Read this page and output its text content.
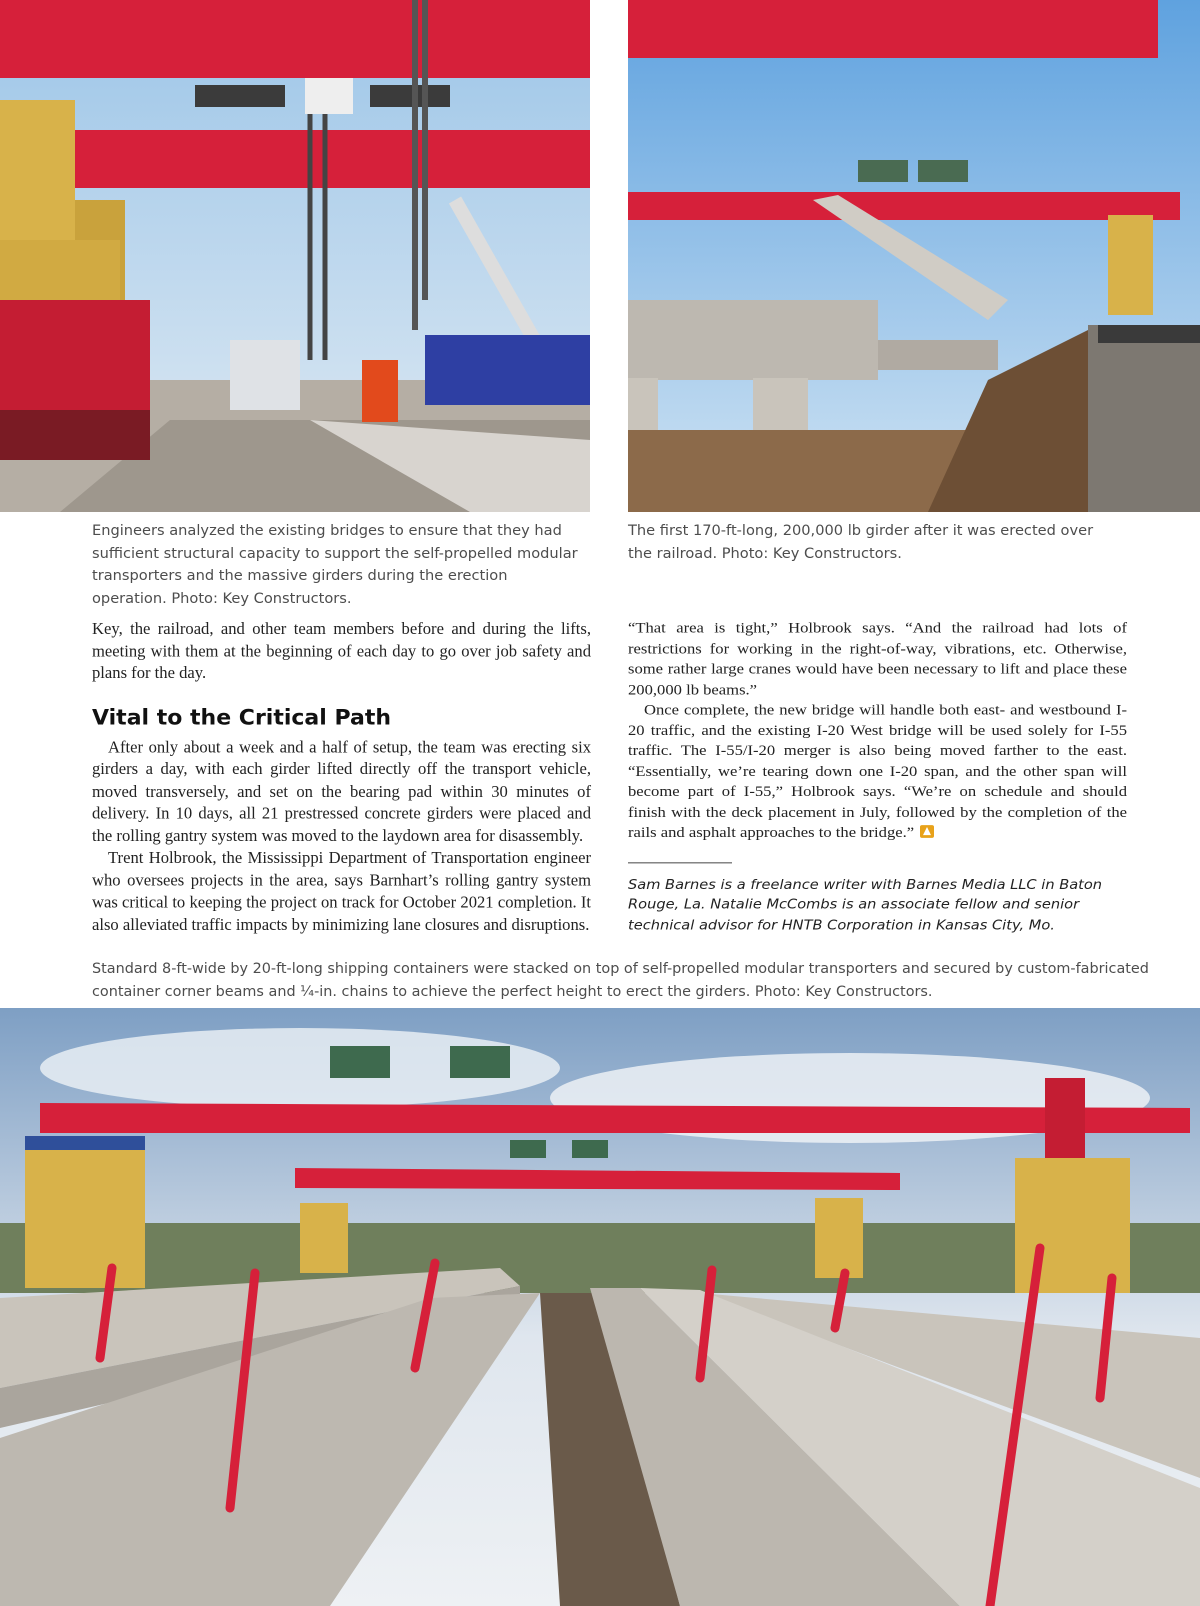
Engineers analyzed the existing bridges to ensure that they had sufficient structural capacity to support the self-propelled modular transporters and the massive girders during the erection operation. Photo: Key Constructors.

The first 170-ft-long, 200,000 lb girder after it was erected over the railroad. Photo: Key Constructors.

Key, the railroad, and other team members before and during the lifts, meeting with them at the beginning of each day to go over job safety and plans for the day.

Vital to the Critical Path

After only about a week and a half of setup, the team was erecting six girders a day, with each girder lifted directly off the transport vehicle, moved transversely, and set on the bearing pad within 30 minutes of delivery. In 10 days, all 21 prestressed concrete girders were placed and the rolling gantry system was moved to the laydown area for disassembly.

Trent Holbrook, the Mississippi Department of Transportation engineer who oversees projects in the area, says Barnhart’s rolling gantry system was critical to keeping the project on track for October 2021 completion. It also alleviated traffic impacts by minimizing lane closures and disruptions.

“That area is tight,” Holbrook says. “And the railroad had lots of restrictions for working in the right-of-way, vibrations, etc. Otherwise, some rather large cranes would have been necessary to lift and place these 200,000 lb beams.”

Once complete, the new bridge will handle both east- and westbound I-20 traffic, and the existing I-20 West bridge will be used solely for I-55 traffic. The I-55/I-20 merger is also being moved farther to the east. “Essentially, we’re tearing down one I-20 span, and the other span will become part of I-55,” Holbrook says. “We’re on schedule and should finish with the deck placement in July, followed by the completion of the rails and asphalt approaches to the bridge.”

Sam Barnes is a freelance writer with Barnes Media LLC in Baton Rouge, La. Natalie McCombs is an associate fellow and senior technical advisor for HNTB Corporation in Kansas City, Mo.

Standard 8-ft-wide by 20-ft-long shipping containers were stacked on top of self-propelled modular transporters and secured by custom-fabricated container corner beams and ¼-in. chains to achieve the perfect height to erect the girders. Photo: Key Constructors.
